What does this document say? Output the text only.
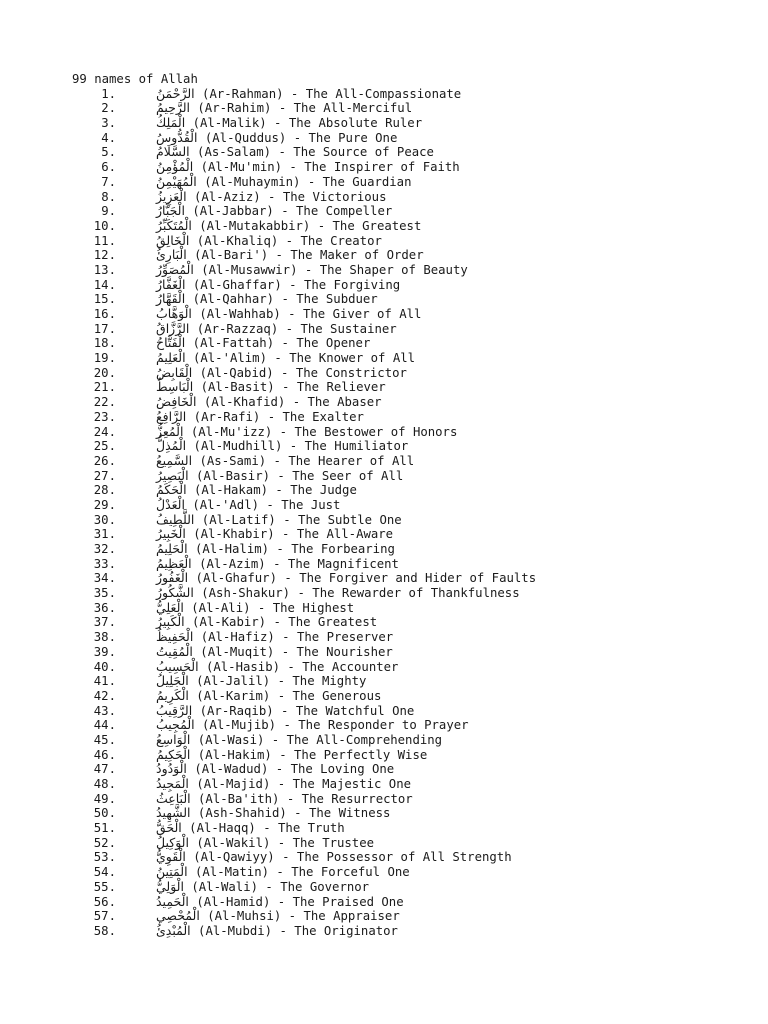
99 names of Allah
1.	الرَّحْمَنُ (Ar-Rahman) - The All-Compassionate
2.	الرَّحِيمُ (Ar-Rahim) - The All-Merciful
3.	الْمَلِكُ (Al-Malik) - The Absolute Ruler
4.	الْقُدُّوسُ (Al-Quddus) - The Pure One
5.	السَّلَامُ (As-Salam) - The Source of Peace
6.	الْمُؤْمِنُ (Al-Mu'min) - The Inspirer of Faith
7.	الْمُهَيْمِنُ (Al-Muhaymin) - The Guardian
8.	الْعَزِيزُ (Al-Aziz) - The Victorious
9.	الْجَبَّارُ (Al-Jabbar) - The Compeller
10.	الْمُتَكَبِّرُ (Al-Mutakabbir) - The Greatest
11.	الْخَالِقُ (Al-Khaliq) - The Creator
12.	الْبَارِئُ (Al-Bari') - The Maker of Order
13.	الْمُصَوِّرُ (Al-Musawwir) - The Shaper of Beauty
14.	الْغَفَّارُ (Al-Ghaffar) - The Forgiving
15.	الْقَهَّارُ (Al-Qahhar) - The Subduer
16.	الْوَهَّابُ (Al-Wahhab) - The Giver of All
17.	الرَّزَّاقُ (Ar-Razzaq) - The Sustainer
18.	الْفَتَّاحُ (Al-Fattah) - The Opener
19.	الْعَلِيمُ (Al-'Alim) - The Knower of All
20.	الْقَابِضُ (Al-Qabid) - The Constrictor
21.	الْبَاسِطُ (Al-Basit) - The Reliever
22.	الْخَافِضُ (Al-Khafid) - The Abaser
23.	الرَّافِعُ (Ar-Rafi) - The Exalter
24.	الْمُعِزُّ (Al-Mu'izz) - The Bestower of Honors
25.	الْمُذِلُّ (Al-Mudhill) - The Humiliator
26.	السَّمِيعُ (As-Sami) - The Hearer of All
27.	الْبَصِيرُ (Al-Basir) - The Seer of All
28.	الْحَكَمُ (Al-Hakam) - The Judge
29.	الْعَدْلُ (Al-'Adl) - The Just
30.	اللَّطِيفُ (Al-Latif) - The Subtle One
31.	الْخَبِيرُ (Al-Khabir) - The All-Aware
32.	الْحَلِيمُ (Al-Halim) - The Forbearing
33.	الْعَظِيمُ (Al-Azim) - The Magnificent
34.	الْغَفُورُ (Al-Ghafur) - The Forgiver and Hider of Faults
35.	الشَّكُورُ (Ash-Shakur) - The Rewarder of Thankfulness
36.	الْعَلِيُّ (Al-Ali) - The Highest
37.	الْكَبِيرُ (Al-Kabir) - The Greatest
38.	الْحَفِيظُ (Al-Hafiz) - The Preserver
39.	الْمُقِيتُ (Al-Muqit) - The Nourisher
40.	الْحَسِيبُ (Al-Hasib) - The Accounter
41.	الْجَلِيلُ (Al-Jalil) - The Mighty
42.	الْكَرِيمُ (Al-Karim) - The Generous
43.	الرَّقِيبُ (Ar-Raqib) - The Watchful One
44.	الْمُجِيبُ (Al-Mujib) - The Responder to Prayer
45.	الْوَاسِعُ (Al-Wasi) - The All-Comprehending
46.	الْحَكِيمُ (Al-Hakim) - The Perfectly Wise
47.	الْوَدُودُ (Al-Wadud) - The Loving One
48.	الْمَجِيدُ (Al-Majid) - The Majestic One
49.	الْبَاعِثُ (Al-Ba'ith) - The Resurrector
50.	الشَّهِيدُ (Ash-Shahid) - The Witness
51.	الْحَقُّ (Al-Haqq) - The Truth
52.	الْوَكِيلُ (Al-Wakil) - The Trustee
53.	الْقَوِيُّ (Al-Qawiyy) - The Possessor of All Strength
54.	الْمَتِينُ (Al-Matin) - The Forceful One
55.	الْوَلِيُّ (Al-Wali) - The Governor
56.	الْحَمِيدُ (Al-Hamid) - The Praised One
57.	الْمُحْصِي (Al-Muhsi) - The Appraiser
58.	الْمُبْدِئُ (Al-Mubdi) - The Originator
